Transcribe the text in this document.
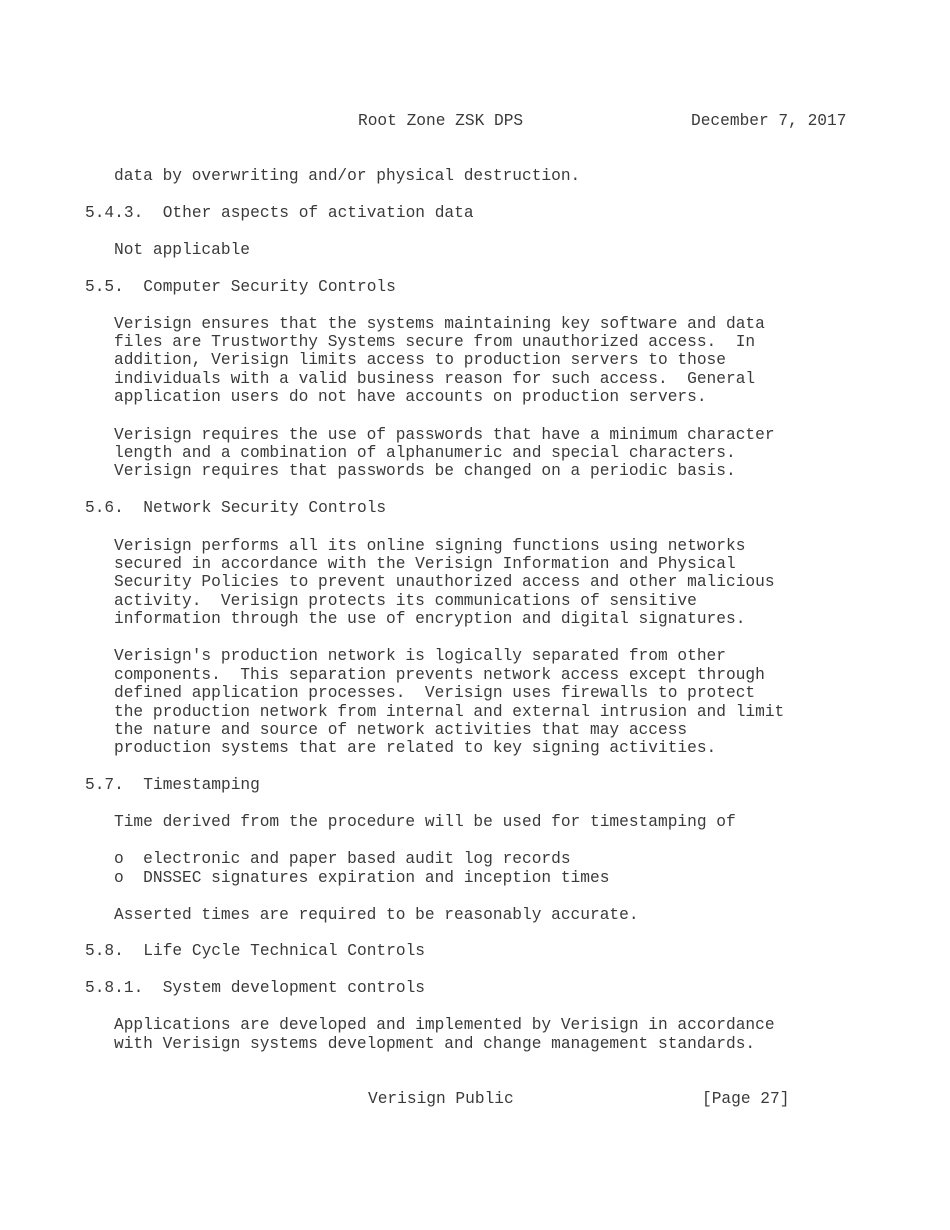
Root Zone ZSK DPS	December 7, 2017
data by overwriting and/or physical destruction.
5.4.3.  Other aspects of activation data
Not applicable
5.5.  Computer Security Controls
Verisign ensures that the systems maintaining key software and data
files are Trustworthy Systems secure from unauthorized access.  In
addition, Verisign limits access to production servers to those
individuals with a valid business reason for such access.  General
application users do not have accounts on production servers.
Verisign requires the use of passwords that have a minimum character
length and a combination of alphanumeric and special characters.
Verisign requires that passwords be changed on a periodic basis.
5.6.  Network Security Controls
Verisign performs all its online signing functions using networks
secured in accordance with the Verisign Information and Physical
Security Policies to prevent unauthorized access and other malicious
activity.  Verisign protects its communications of sensitive
information through the use of encryption and digital signatures.
Verisign's production network is logically separated from other
components.  This separation prevents network access except through
defined application processes.  Verisign uses firewalls to protect
the production network from internal and external intrusion and limit
the nature and source of network activities that may access
production systems that are related to key signing activities.
5.7.  Timestamping
Time derived from the procedure will be used for timestamping of
o  electronic and paper based audit log records
o  DNSSEC signatures expiration and inception times
Asserted times are required to be reasonably accurate.
5.8.  Life Cycle Technical Controls
5.8.1.  System development controls
Applications are developed and implemented by Verisign in accordance
with Verisign systems development and change management standards.
Verisign Public	[Page 27]
